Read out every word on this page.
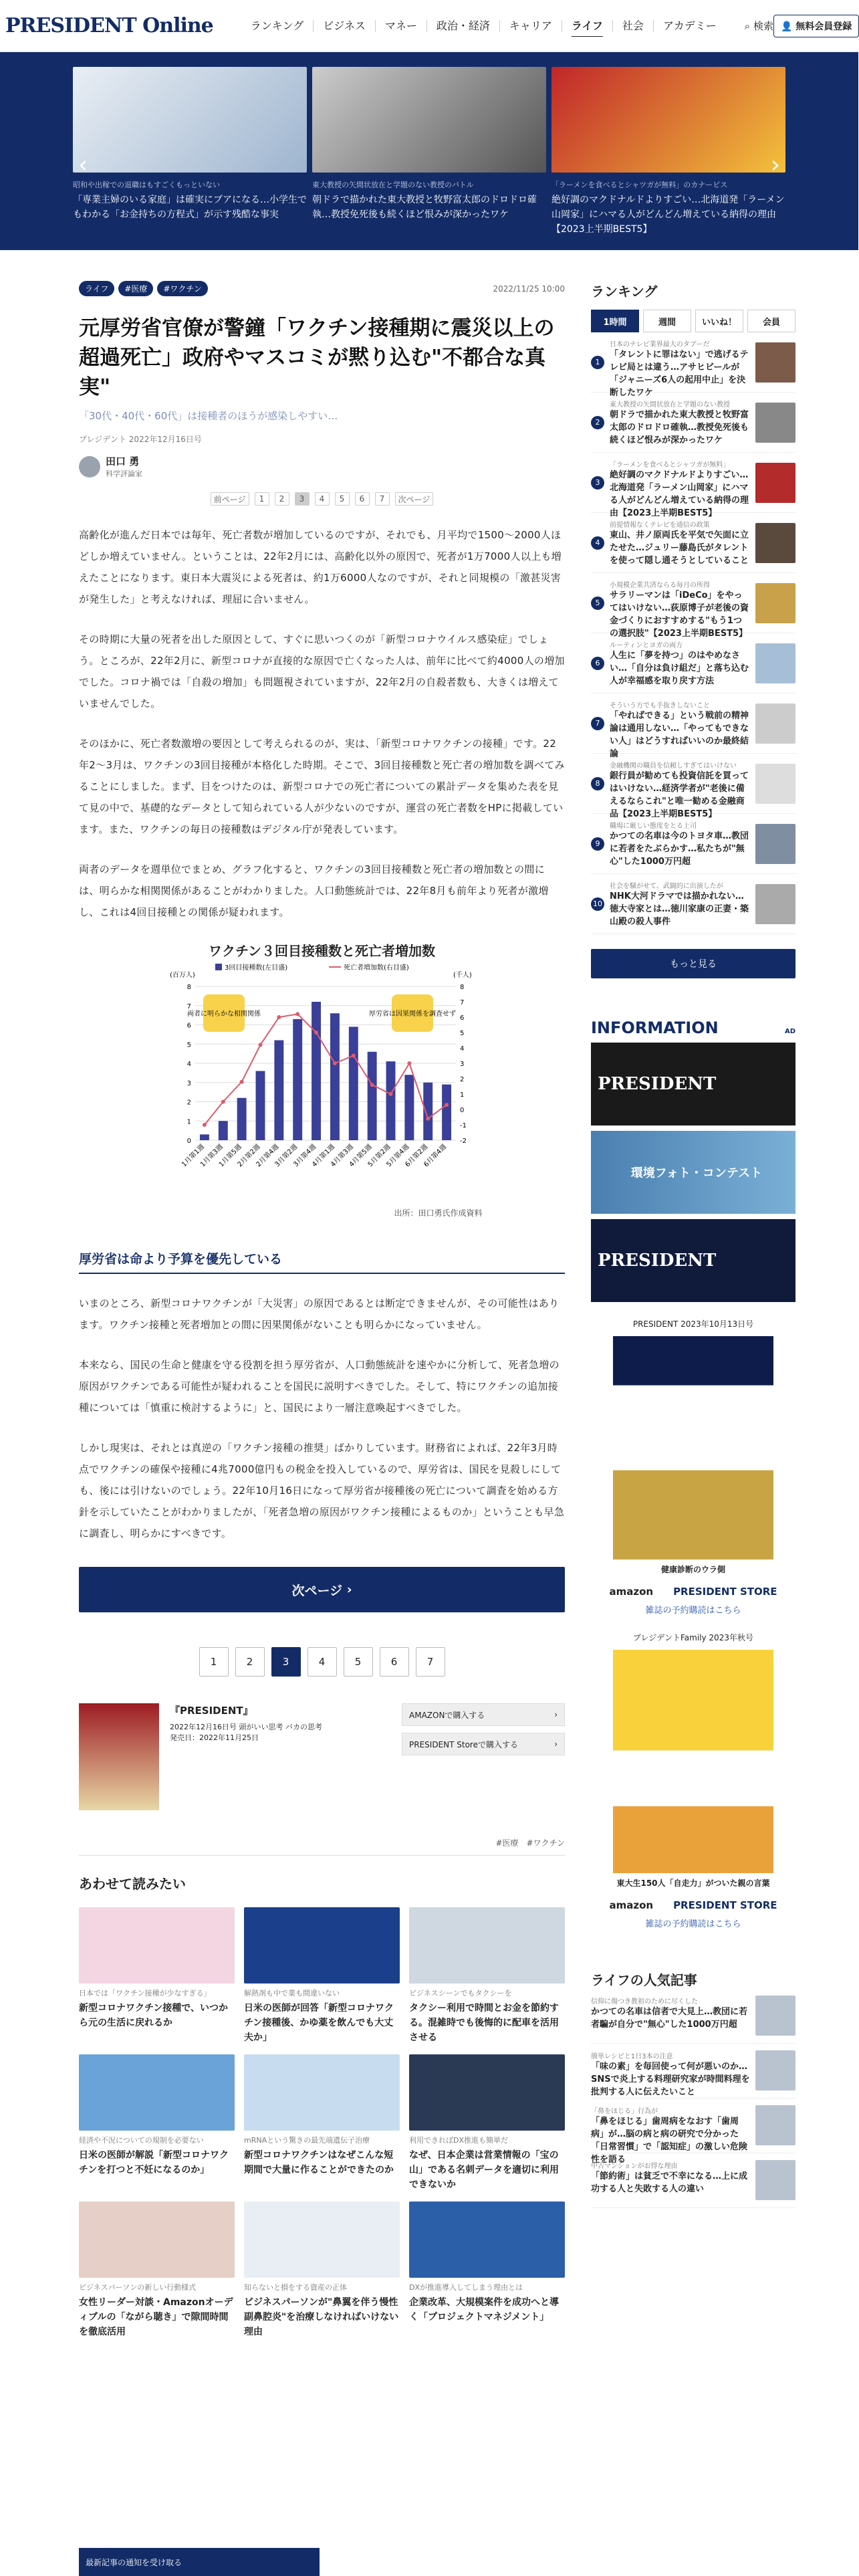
PRESIDENT Online	ランキング	ビジネス	マネー	政治・経済	キャリア	ライフ	社会	アカデミー	⌕ 検索 👤 無料会員登録
‹
昭和や出稼での退職はもすごくもっといない
「専業主婦のいる家庭」は確実にブアになる…小学生でもわかる「お金持ちの方程式」が示す残酷な事実
東大教授の矢間状放在と学題のない教授のバトル
朝ドラで描かれた東大教授と牧野富太郎のドロドロ確執…教授免死後も続くほど恨みが深かったワケ
「ラーメンを食べるとシャツガが無料」のカナービス
絶好調のマクドナルドよりすごい…北海道発「ラーメン山岡家」にハマる人がどんどん増えている納得の理由【2023上半期BEST5】
›
ライフ	#医療	#ワクチン	2022/11/25 10:00
元厚労省官僚が警鐘「ワクチン接種期に震災以上の超過死亡」政府やマスコミが黙り込む"不都合な真実"
「30代・40代・60代」は接種者のほうが感染しやすい…
プレジデント 2022年12月16日号
田口 勇
科学評論家
前ページ	1	2	3	4	5	6	7	次ページ

高齢化が進んだ日本では毎年、死亡者数が増加しているのですが、それでも、月平均で1500〜2000人ほどしか増えていません。ということは、22年2月には、高齢化以外の原因で、死者が1万7000人以上も増えたことになります。東日本大震災による死者は、約1万6000人なのですが、それと同規模の「激甚災害が発生した」と考えなければ、理屈に合いません。

その時期に大量の死者を出した原因として、すぐに思いつくのが「新型コロナウイルス感染症」でしょう。ところが、22年2月に、新型コロナが直接的な原因で亡くなった人は、前年に比べて約4000人の増加でした。コロナ禍では「自殺の増加」も問題視されていますが、22年2月の自殺者数も、大きくは増えていませんでした。

そのほかに、死亡者数激増の要因として考えられるのが、実は、「新型コロナワクチンの接種」です。22年2〜3月は、ワクチンの3回目接種が本格化した時期。そこで、3回目接種数と死亡者の増加数を調べてみることにしました。まず、目をつけたのは、新型コロナでの死亡者についての累計データを集めた表を見て見の中で、基礎的なデータとして知られている人が少ないのですが、運営の死亡者数をHPに掲載しています。また、ワクチンの毎日の接種数はデジタル庁が発表しています。

両者のデータを週単位でまとめ、グラフ化すると、ワクチンの3回目接種数と死亡者の増加数との間には、明らかな相関関係があることがわかりました。人口動態統計では、22年8月も前年より死者が激増し、これは4回目接種との関係が疑われます。

ワクチン３回目接種数と死亡者増加数
0
1
2
3
4
5
6
7
8
-2
-1
0
1
2
3
4
5
6
7
8
(百万人)	(千人)
3回目接種数(左目盛)	死亡者増加数(右目盛)
1月第1週
1月第3週
1月第5週
2月第2週
2月第4週
3月第2週
3月第4週
4月第1週
4月第3週
4月第5週
5月第2週
5月第4週
6月第2週
6月第4週
両者に明らかな相関関係	厚労省は因果関係を調査せず
出所：田口勇氏作成資料
厚労省は命より予算を優先している

いまのところ、新型コロナワクチンが「大災害」の原因であるとは断定できませんが、その可能性はあります。ワクチン接種と死者増加との間に因果関係がないことも明らかになっていません。

本来なら、国民の生命と健康を守る役割を担う厚労省が、人口動態統計を速やかに分析して、死者急増の原因がワクチンである可能性が疑われることを国民に説明すべきでした。そして、特にワクチンの追加接種については「慎重に検討するように」と、国民により一層注意喚起すべきでした。

しかし現実は、それとは真逆の「ワクチン接種の推奨」ばかりしています。財務省によれば、22年3月時点でワクチンの確保や接種に4兆7000億円もの税金を投入しているので、厚労省は、国民を見殺しにしても、後には引けないのでしょう。22年10月16日になって厚労省が接種後の死亡について調査を始める方針を示していたことがわかりましたが、「死者急増の原因がワクチン接種によるものか」ということも早急に調査し、明らかにすべきです。

次ページ
›
1	2	3	4	5	6	7
『PRESIDENT』
2022年12月16日号 頭がいい思考 バカの思考
発売日：2022年11月25日
AMAZONで購入する	›
PRESIDENT Storeで購入する	›
#医療　#ワクチン
あわせて読みたい
日本では「ワクチン接種が少なすぎる」
新型コロナワクチン接種で、いつから元の生活に戻れるか
解熱剤も中で薬も間違いない
日米の医師が回答「新型コロナワクチン接種後、かゆ薬を飲んでも大丈夫か」
ビジネスシーンでもタクシーを
タクシー利用で時間とお金を節約する。混雑時でも後悔的に配車を活用させる
経済や不況についての規制を必要ない
日米の医師が解説「新型コロナワクチンを打つと不妊になるのか」
mRNAという驚きの最先端遺伝子治療
新型コロナワクチンはなぜこんな短期間で大量に作ることができたのか
利用できればDX推進も簡単だ
なぜ、日本企業は営業情報の「宝の山」である名刺データを適切に利用できないか
ビジネスパーソンの新しい行動様式
女性リーダー対談・Amazonオーディブルの「ながら聴き」で隙間時間を徹底活用
知らないと損をする資産の正体
ビジネスパーソンが"鼻翼を伴う慢性副鼻腔炎"を治療しなければいけない理由
DXが推進導入してしまう理由とは
企業改革、大規模案件を成功へと導く「プロジェクトマネジメント」
ランキング
1時間	週間	いいね！	会員
1
日本のテレビ業界最大のタブーだ
「タレントに罪はない」で逃げるテレビ局とは違う…アサヒビールが「ジャニーズ6人の起用中止」を決断したワケ
2
東大教授の矢間状放在と学題のない教授
朝ドラで描かれた東大教授と牧野富太郎のドロドロ確執…教授免死後も続くほど恨みが深かったワケ
3
「ラーメンを食べるとシャツガが無料」
絶好調のマクドナルドよりすごい…北海道発「ラーメン山岡家」にハマる人がどんどん増えている納得の理由【2023上半期BEST5】
4
前提情報なくテレビを通信の政策
東山、井ノ原両氏を平気で矢面に立たせた…ジュリー藤島氏がタレントを使って隠し通そうとしていること
5
小規模企業共済ならる毎月の所得
サラリーマンは「iDeCo」をやってはいけない…荻原博子が老後の資金づくりにおすすめする"もう1つの選択肢"【2023上半期BEST5】
6
ルーティンとヨガの両方
人生に「夢を持つ」のはやめなさい…「自分は負け組だ」と落ち込む人が幸福感を取り戻す方法
7
そういう方でも手抜きしないこと
「やればできる」という戦前の精神論は通用しない…「やってもできない人」はどうすればいいのか最終結論
8
金融機関の職員を信頼しすぎてはいけない
銀行員が勧めても投資信託を買ってはいけない…経済学者が"老後に備えるならこれ"と唯一勧める金融商品【2023上半期BEST5】
9
職場に厳しい態度をとる上司
かつての名車は今のトヨタ車…教団に若者をたぶらかす…私たちが"無心"した1000万円超
10
社会を騒がせて、武闘的に出演したが
NHK大河ドラマでは描かれない…徳大寺家とは…徳川家康の正妻・築山殿の殺人事件
もっと見る
INFORMATION	AD
PRESIDENT
環境フォト・コンテスト
PRESIDENT
PRESIDENT 2023年10月13日号
健康診断のウラ側
amazon PRESIDENT STORE
雑誌の予約購読はこちら
プレジデントFamily 2023年秋号
東大生150人「自走力」がついた親の言葉
amazon PRESIDENT STORE
雑誌の予約購読はこちら
ライフの人気記事
信仰に傷つき教祖のために尽くした
かつての名車は信者で大見上…教団に若者騙が自分で"無心"した1000万円超
簡単レシピと1日3本の注意
「味の素」を毎回使って何が悪いのか…SNSで炎上する料理研究家が時間料理を批判する人に伝えたいこと
「鼻をほじる」行為が
「鼻をほじる」歯周病をなおす「歯周病」が…脳の病と病の研究で分かった「日常習慣」で「認知症」の激しい危険性を語る
中古マンションがお得な理由
「節約術」は貧乏で不幸になる…上に成功する人と失敗する人の違い
最新記事の通知を受け取る
